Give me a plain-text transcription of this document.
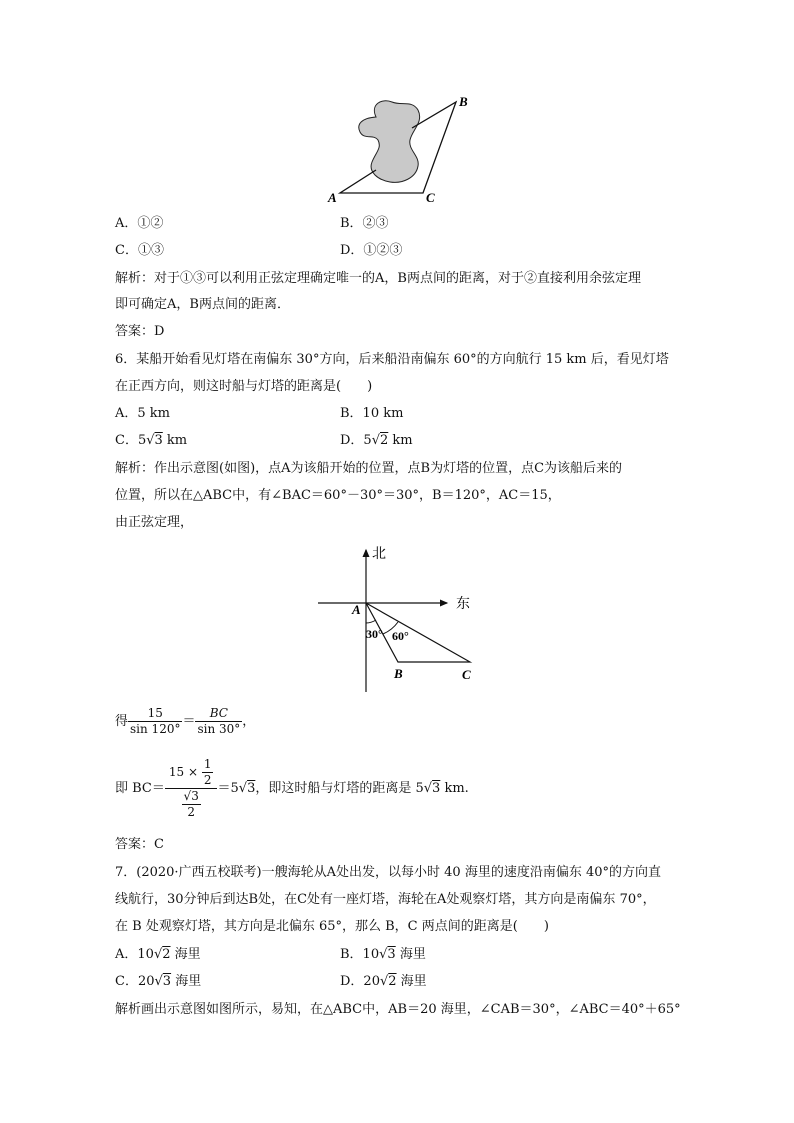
B
A	C
A．①②	B．②③
C．①③	D．①②③
解析：对于①③可以利用正弦定理确定唯一的A，B两点间的距离，对于②直接利用余弦定理
即可确定A，B两点间的距离．
答案：D
6．某船开始看见灯塔在南偏东 30°方向，后来船沿南偏东 60°的方向航行 15 km 后，看见灯塔
在正西方向，则这时船与灯塔的距离是(　　)
A．5 km	B．10 km
C．5√3 km	D．5√2 km
解析：作出示意图(如图)，点A为该船开始的位置，点B为灯塔的位置，点C为该船后来的
位置，所以在△ABC中，有∠BAC＝60°－30°＝30°，B＝120°，AC＝15，
由正弦定理，
北
东
A
B	C
30° 60°
得 $\frac{15}{\sin 120^\circ} = \frac{BC}{\sin 30^\circ}$ ，
即 $BC= \frac{15 \times \frac{1}{2}}{\frac{√3}{2}} =5√3$，即这时船与灯塔的距离是 5√3 km.
答案：C
7．(2020·广西五校联考)一艘海轮从A处出发，以每小时 40 海里的速度沿南偏东 40°的方向直
线航行，30分钟后到达B处，在C处有一座灯塔，海轮在A处观察灯塔，其方向是南偏东 70°，
在 B 处观察灯塔，其方向是北偏东 65°，那么 B，C 两点间的距离是(　　)
A．10√2 海里	B．10√3 海里
C．20√3 海里	D．20√2 海里
解析画出示意图如图所示，易知，在△ABC中，AB＝20 海里，∠CAB＝30°，∠ABC＝40°＋65°
